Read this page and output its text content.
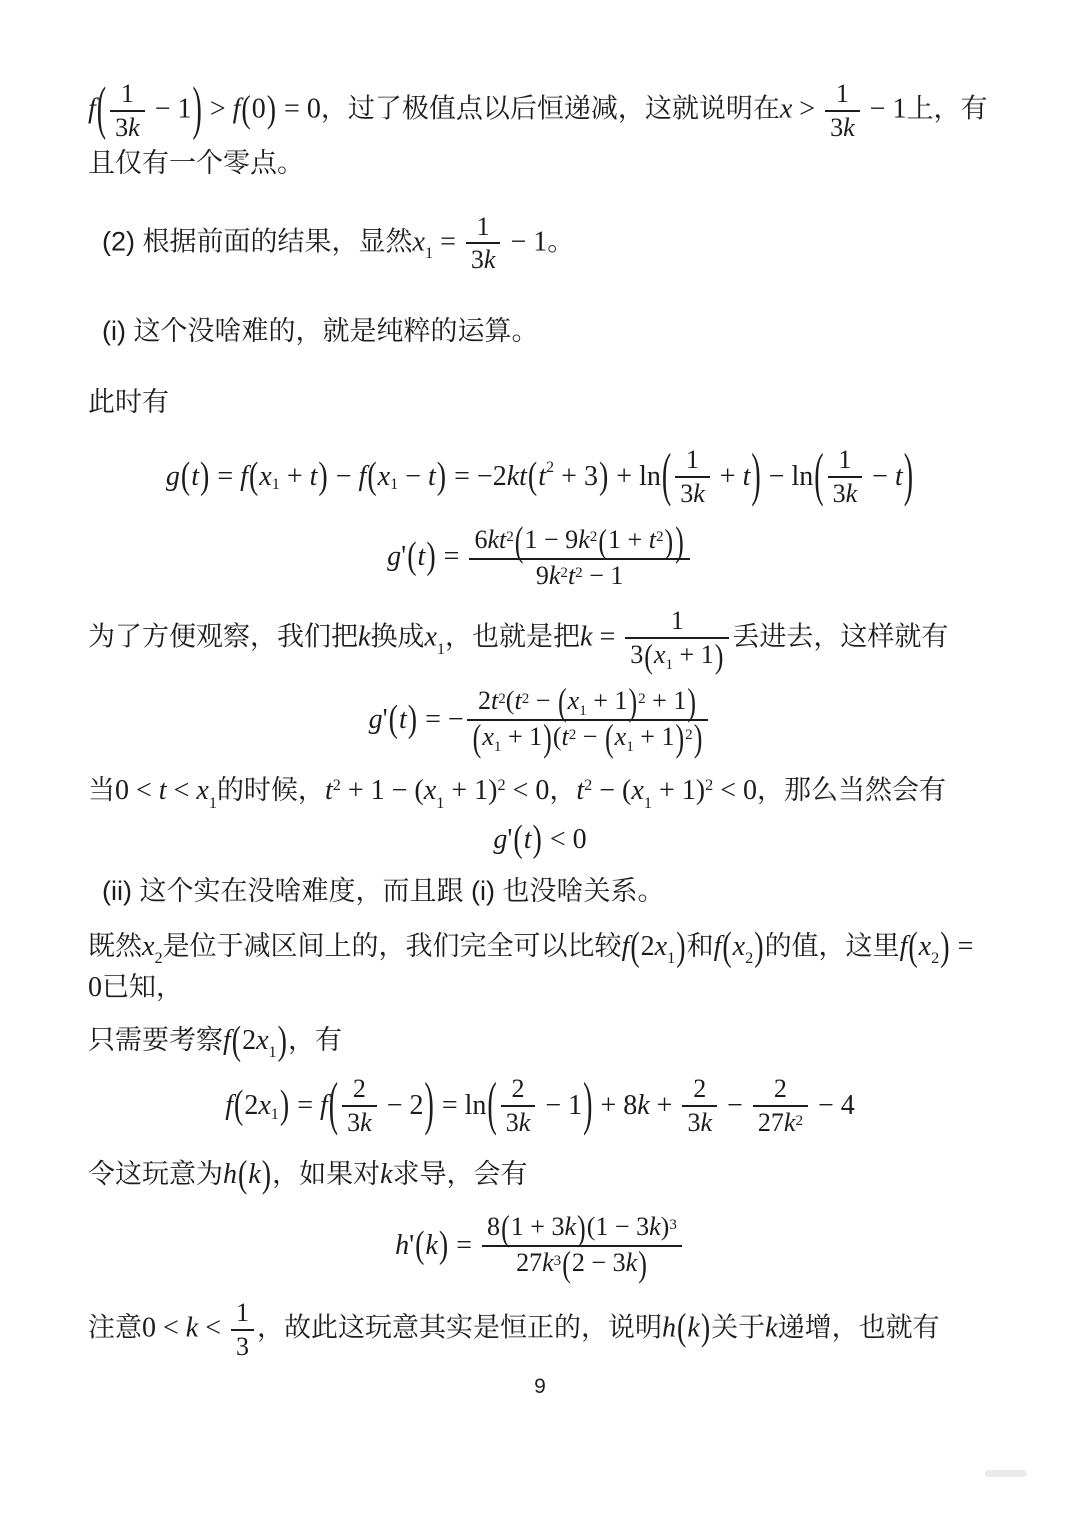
$f( \frac{1}{3k} - 1) > f(0) = 0$，过了极值点以后恒递减，这就说明在$x > \frac{1}{3k} - 1$上，有且仅有一个零点。
(2) 根据前面的结果，显然$x_1 = \frac{1}{3k} - 1$。
(i) 这个没啥难的，就是纯粹的运算。
此时有
g ( t ) = f ( x 1 + t ) − f ( x 1 − t ) = −2 kt ( t 2 + 3 ) + ln ( $\frac{1}{3k} + t$ ) − ln ( $\frac{1}{3k} - t$ )
g ' ( t ) = $\frac{6kt^2(1 - 9k^2(1 + t^2))}{9k^2t^2 - 1}$
为了方便观察，我们把k换成$x_1$，也就是把$k = \frac{1}{3(x_1 + 1)}$ 丢进去，这样就有
g ' ( t ) = − $\frac{2t^2(t^2 - (x_1 + 1)^2 + 1)}{(x_1 + 1)(t^2 - (x_1 + 1)^2)}$
当$0 < t < x_1$的时候，$t^2 + 1 - (x_1 + 1)^2 < 0$，$t^2 - (x_1 + 1)^2 < 0$，那么当然会有
g ' ( t ) < 0
(ii) 这个实在没啥难度，而且跟 (i) 也没啥关系。
既然$x_2$是位于减区间上的，我们完全可以比较$f(2x_1)$和$f(x_2)$的值，这里$f(x_2) = 0$已知，
只需要考察$f(2x_1)$，有
f ( 2 x 1 ) = f ( $\frac{2}{3k} - 2$ ) = ln ( $\frac{2}{3k} - 1$ ) + 8 $k + \frac{2}{3k} - \frac{2}{27k^2} - 4$
令这玩意为h(k)，如果对k求导，会有
h ' ( k ) = $\frac{8(1 + 3k)(1 - 3k)^3}{27k^3(2 - 3k)}$
注意$0 < k < \frac{1}{3}$ ，故此这玩意其实是恒正的，说明h(k)关于k递增，也就有
9
